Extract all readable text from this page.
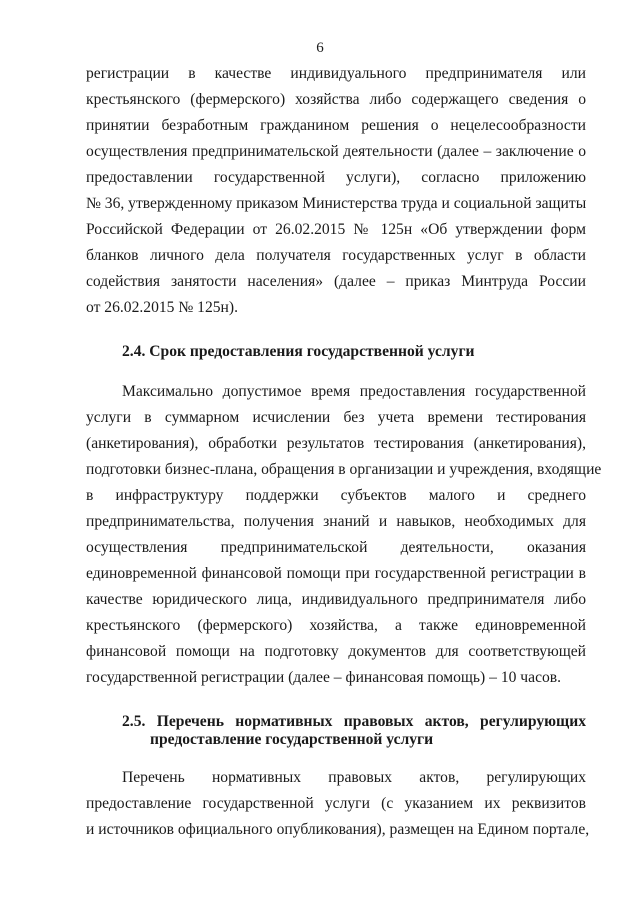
6
регистрации в качестве индивидуального предпринимателя или
крестьянского (фермерского) хозяйства либо содержащего сведения о
принятии безработным гражданином решения о нецелесообразности
осуществления предпринимательской деятельности (далее – заключение о
предоставлении государственной услуги), согласно приложению
№ 36, утвержденному приказом Министерства труда и социальной защиты
Российской Федерации от 26.02.2015 № 125н «Об утверждении форм
бланков личного дела получателя государственных услуг в области
содействия занятости населения» (далее – приказ Минтруда России
от 26.02.2015 № 125н).
2.4. Срок предоставления государственной услуги
Максимально допустимое время предоставления государственной
услуги в суммарном исчислении без учета времени тестирования
(анкетирования), обработки результатов тестирования (анкетирования),
подготовки бизнес-плана, обращения в организации и учреждения, входящие
в инфраструктуру поддержки субъектов малого и среднего
предпринимательства, получения знаний и навыков, необходимых для
осуществления предпринимательской деятельности, оказания
единовременной финансовой помощи при государственной регистрации в
качестве юридического лица, индивидуального предпринимателя либо
крестьянского (фермерского) хозяйства, а также единовременной
финансовой помощи на подготовку документов для соответствующей
государственной регистрации (далее – финансовая помощь) – 10 часов.
2.5. Перечень нормативных правовых актов, регулирующих
предоставление государственной услуги
Перечень нормативных правовых актов, регулирующих
предоставление государственной услуги (с указанием их реквизитов
и источников официального опубликования), размещен на Едином портале,
